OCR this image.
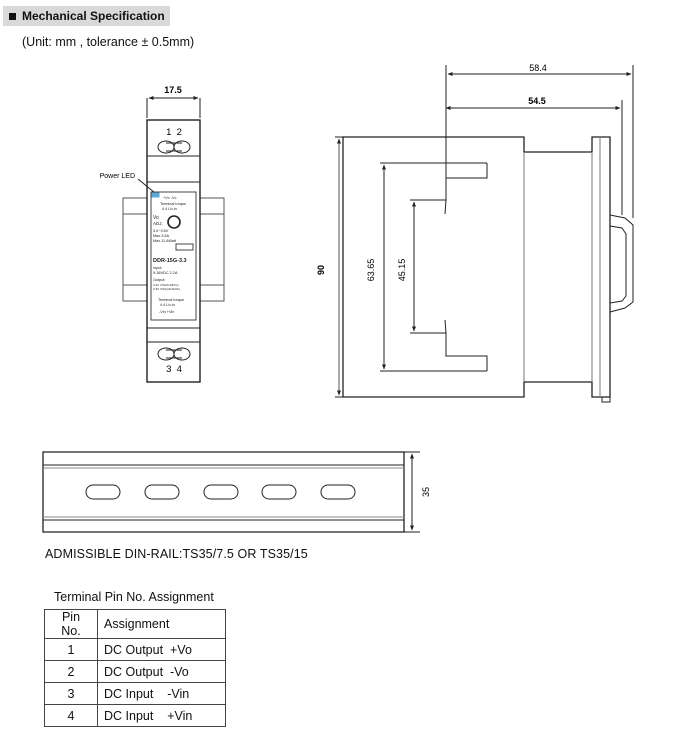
Mechanical Specification
(Unit: mm , tolerance ± 0.5mm)
17.5
1  2
3  4
Power LED
+Vɔ -Vɔ
Terminal torque
4.4 Lb-in
Vo
ADJ.
3.0~3.6V
Max.3.5A
Max.11.6Watt
DDR-15G-3.3
Input:
9-36VDC 2.2A
Output:
3.3V 3.5A(9-18Vin)
3.3V 3.5A(18-36Vin)
Terminal torque
4.4 Lb-in
-Vin +Vin
58.4
54.5
90	63.65 45.15
35
ADMISSIBLE DIN-RAIL:TS35/7.5 OR TS35/15
Terminal Pin No. Assignment
Pin No.	Assignment
1	DC Output  +Vo
2	DC Output  -Vo
3	DC Input    -Vin
4	DC Input    +Vin
